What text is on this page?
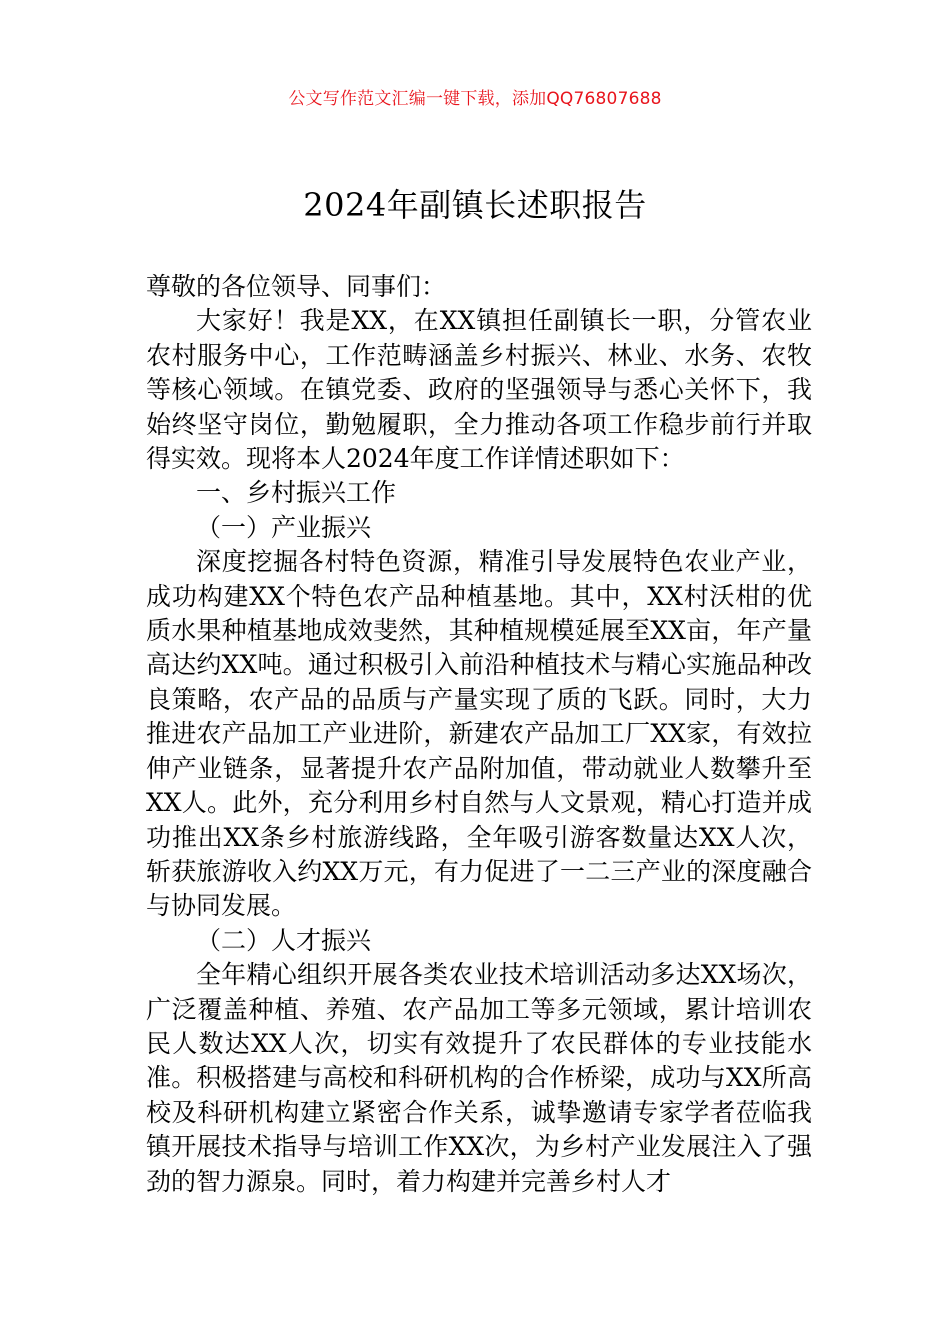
公文写作范文汇编一键下载，添加QQ76807688
2024年副镇长述职报告

尊敬的各位领导、同事们：

大家好！我是XX，在XX镇担任副镇长一职，分管农业农村服务中心，工作范畴涵盖乡村振兴、林业、水务、农牧等核心领域。在镇党委、政府的坚强领导与悉心关怀下，我始终坚守岗位，勤勉履职，全力推动各项工作稳步前行并取得实效。现将本人2024年度工作详情述职如下：

一、乡村振兴工作

（一）产业振兴

深度挖掘各村特色资源，精准引导发展特色农业产业，成功构建XX个特色农产品种植基地。其中，XX村沃柑的优质水果种植基地成效斐然，其种植规模延展至XX亩，年产量高达约XX吨。通过积极引入前沿种植技术与精心实施品种改良策略，农产品的品质与产量实现了质的飞跃。同时，大力推进农产品加工产业进阶，新建农产品加工厂XX家，有效拉伸产业链条，显著提升农产品附加值，带动就业人数攀升至XX人。此外，充分利用乡村自然与人文景观，精心打造并成功推出XX条乡村旅游线路，全年吸引游客数量达XX人次，斩获旅游收入约XX万元，有力促进了一二三产业的深度融合与协同发展。

（二）人才振兴

全年精心组织开展各类农业技术培训活动多达XX场次，广泛覆盖种植、养殖、农产品加工等多元领域，累计培训农民人数达XX人次，切实有效提升了农民群体的专业技能水准。积极搭建与高校和科研机构的合作桥梁，成功与XX所高校及科研机构建立紧密合作关系，诚挚邀请专家学者莅临我镇开展技术指导与培训工作XX次，为乡村产业发展注入了强劲的智力源泉。同时，着力构建并完善乡村人才
